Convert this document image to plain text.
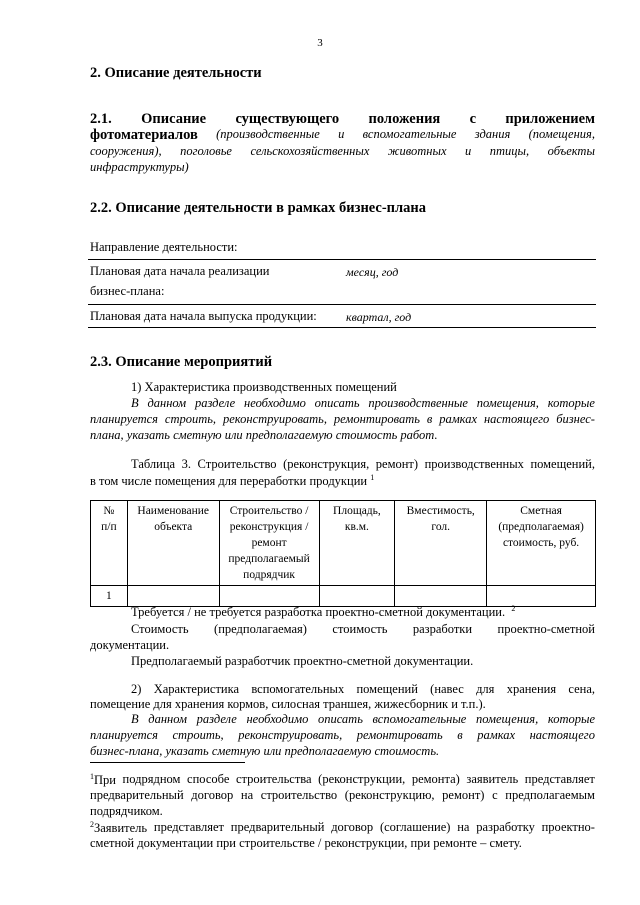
3
2. Описание деятельности
2.1. Описание существующего положения с приложением
фотоматериалов (производственные и вспомогательные здания (помещения,
сооружения), поголовье сельскохозяйственных животных и птицы, объекты
инфраструктуры)
2.2. Описание деятельности в рамках бизнес-плана
Направление деятельности:
Плановая дата начала реализации	месяц, год
бизнес-плана:
Плановая дата начала выпуска продукции: квартал, год
2.3. Описание мероприятий
1) Характеристика производственных помещений
В данном разделе необходимо описать производственные помещения, которые
планируется строить, реконструировать, ремонтировать в рамках настоящего бизнес-
плана, указать сметную или предполагаемую стоимость работ.
Таблица 3. Строительство (реконструкция, ремонт) производственных помещений,
в том числе помещения для переработки продукции $^1$
№
п/п	Наименование
объекта	Строительство /
реконструкция /
ремонт
предполагаемый
подрядчик	Площадь,
кв.м.	Вместимость,
гол.	Сметная
(предполагаемая)
стоимость, руб.
1					
Требуется / не требуется разработка проектно-сметной документации. $^2$
Стоимость (предполагаемая) стоимость разработки проектно-сметной
документации.
Предполагаемый разработчик проектно-сметной документации.
2) Характеристика вспомогательных помещений (навес для хранения сена,
помещение для хранения кормов, силосная траншея, жижесборник и т.п.).
В данном разделе необходимо описать вспомогательные помещения, которые
планируется строить, реконструировать, ремонтировать в рамках настоящего
бизнес-плана, указать сметную или предполагаемую стоимость.
$^1$При подрядном способе строительства (реконструкции, ремонта) заявитель представляет
предварительный договор на строительство (реконструкцию, ремонт) с предполагаемым
подрядчиком.
$^2$Заявитель представляет предварительный договор (соглашение) на разработку проектно-
сметной документации при строительстве / реконструкции, при ремонте – смету.
